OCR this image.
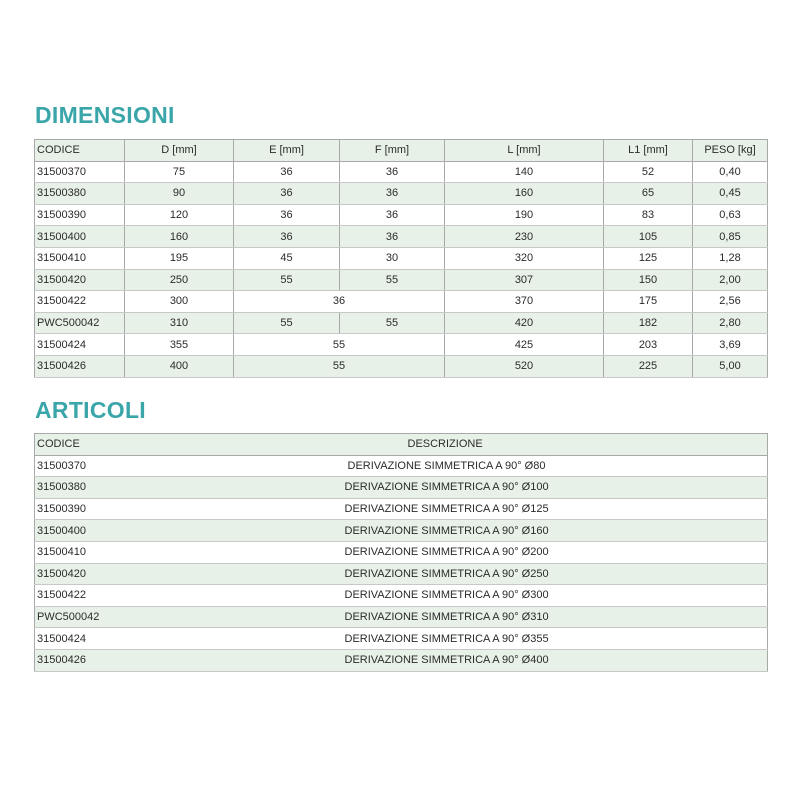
DIMENSIONI
CODICE	D [mm]	E [mm]	F [mm]	L [mm]	L1 [mm]	PESO [kg]
31500370	75	36	36	140	52	0,40
31500380	90	36	36	160	65	0,45
31500390	120	36	36	190	83	0,63
31500400	160	36	36	230	105	0,85
31500410	195	45	30	320	125	1,28
31500420	250	55	55	307	150	2,00
31500422	300	36		370	175	2,56
PWC500042	310	55	55	420	182	2,80
31500424	355	55		425	203	3,69
31500426	400	55		520	225	5,00
ARTICOLI
CODICE	DESCRIZIONE
31500370	DERIVAZIONE SIMMETRICA A 90° Ø80
31500380	DERIVAZIONE SIMMETRICA A 90° Ø100
31500390	DERIVAZIONE SIMMETRICA A 90° Ø125
31500400	DERIVAZIONE SIMMETRICA A 90° Ø160
31500410	DERIVAZIONE SIMMETRICA A 90° Ø200
31500420	DERIVAZIONE SIMMETRICA A 90° Ø250
31500422	DERIVAZIONE SIMMETRICA A 90° Ø300
PWC500042	DERIVAZIONE SIMMETRICA A 90° Ø310
31500424	DERIVAZIONE SIMMETRICA A 90° Ø355
31500426	DERIVAZIONE SIMMETRICA A 90° Ø400
